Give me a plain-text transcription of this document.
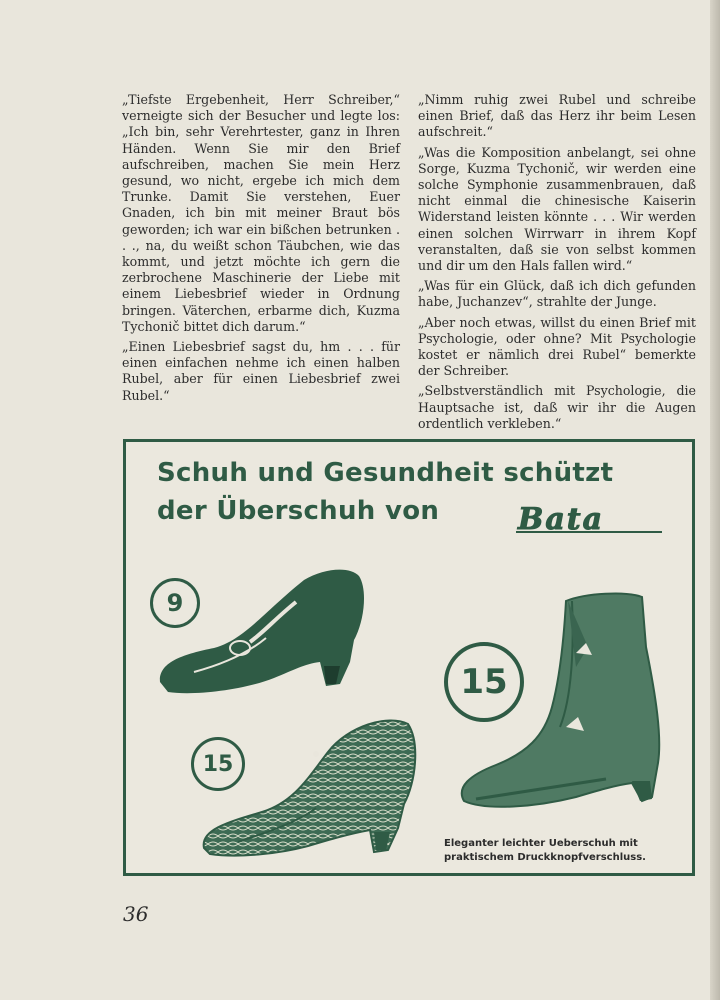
„Tiefste Ergebenheit, Herr Schreiber,“ verneigte sich der Besucher und legte los: „Ich bin, sehr Verehrtester, ganz in Ihren Händen. Wenn Sie mir den Brief aufschreiben, machen Sie mein Herz gesund, wo nicht, ergebe ich mich dem Trunke. Damit Sie verstehen, Euer Gnaden, ich bin mit meiner Braut bös geworden; ich war ein bißchen betrunken . . ., na, du weißt schon Täubchen, wie das kommt, und jetzt möchte ich gern die zerbrochene Maschinerie der Liebe mit einem Liebesbrief wieder in Ordnung bringen. Väterchen, erbarme dich, Kuzma Tychonič bittet dich darum.“

„Einen Liebesbrief sagst du, hm . . . für einen einfachen nehme ich einen halben Rubel, aber für einen Liebesbrief zwei Rubel.“

„Nimm ruhig zwei Rubel und schreibe einen Brief, daß das Herz ihr beim Lesen aufschreit.“

„Was die Komposition anbelangt, sei ohne Sorge, Kuzma Tychonič, wir werden eine solche Symphonie zusammenbrauen, daß nicht einmal die chinesische Kaiserin Widerstand leisten könnte . . . Wir werden einen solchen Wirrwarr in ihrem Kopf veranstalten, daß sie von selbst kommen und dir um den Hals fallen wird.“

„Was für ein Glück, daß ich dich gefunden habe, Juchanzev“, strahlte der Junge.

„Aber noch etwas, willst du einen Brief mit Psychologie, oder ohne? Mit Psychologie kostet er nämlich drei Rubel“ bemerkte der Schreiber.

„Selbstverständlich mit Psychologie, die Hauptsache ist, daß wir ihr die Augen ordentlich verkleben.“

Schuh und Gesundheit schützt
der Überschuh von	Bata
9
15
15
Eleganter leichter Ueberschuh mit
praktischem Druckknopfverschluss.
36
